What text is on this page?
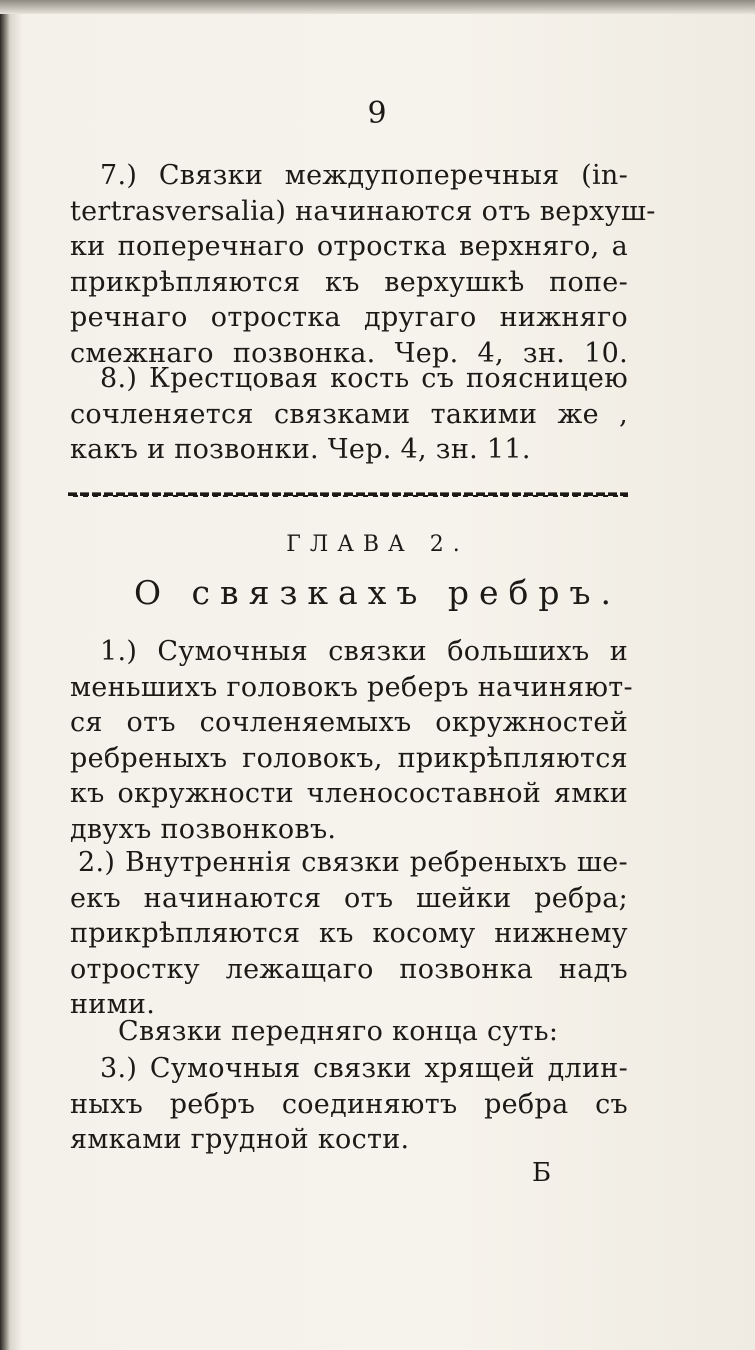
9
7.) Связки междупоперечныя (in-
tertrasversalia) начинаются отъ верхуш-
ки поперечнаго отростка верхняго, а
прикрѣпляются къ верхушкѣ попе-
речнаго отростка другаго нижняго
смежнаго позвонка. Чер. 4, зн. 10.
8.) Крестцовая кость съ поясницею
сочленяется связками такими же ,
какъ и позвонки. Чер. 4, зн. 11.
ГЛАВА 2.
О связкахъ ребръ.
1.) Сумочныя связки большихъ и
меньшихъ головокъ реберъ начиняют-
ся отъ сочленяемыхъ окружностей
ребреныхъ головокъ, прикрѣпляются
къ окружности членосоставной ямки
двухъ позвонковъ.
2.) Внутреннія связки ребреныхъ ше-
екъ начинаются отъ шейки ребра;
прикрѣпляются къ косому нижнему
отростку лежащаго позвонка надъ
ними.
Связки передняго конца суть:
3.) Сумочныя связки хрящей длин-
ныхъ ребръ соединяютъ ребра съ
ямками грудной кости.
Б
